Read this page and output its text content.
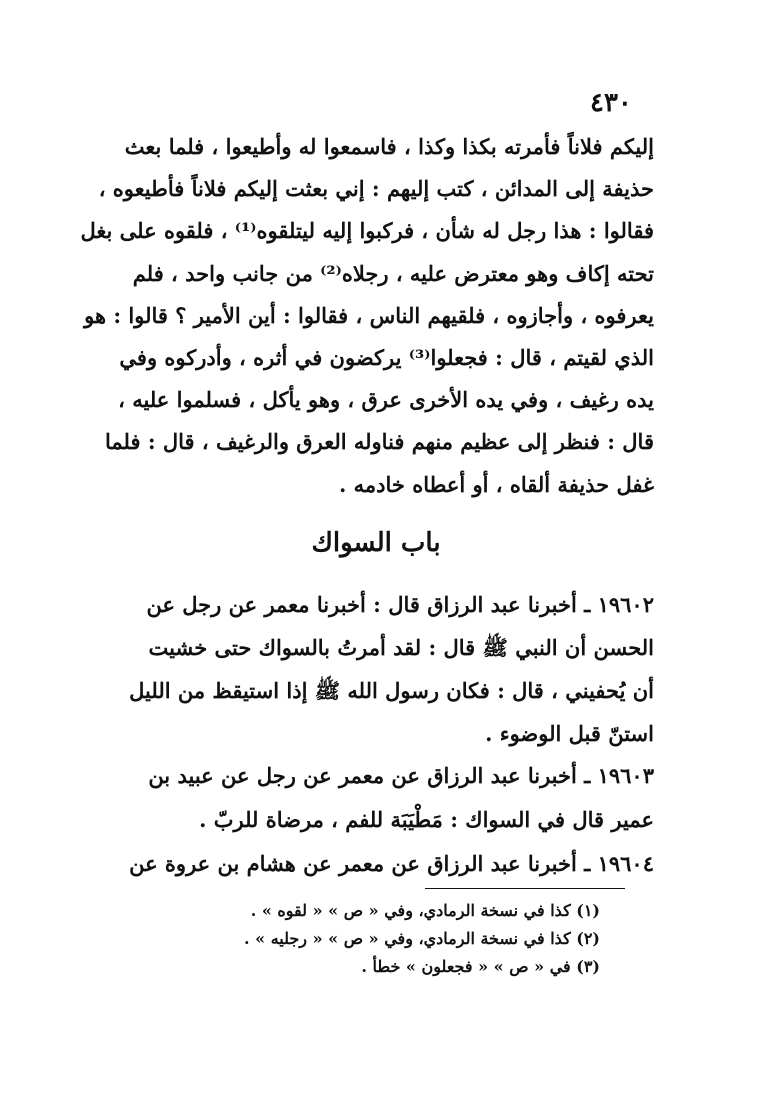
٤٣٠
إليكم فلاناً فأمرته بكذا وكذا ، فاسمعوا له وأطيعوا ، فلما بعث
حذيفة إلى المدائن ، كتب إليهم : إني بعثت إليكم فلاناً فأطيعوه ،
فقالوا : هذا رجل له شأن ، فركبوا إليه ليتلقوه⁽¹⁾ ، فلقوه على بغل
تحته إكاف وهو معترض عليه ، رجلاه⁽²⁾ من جانب واحد ، فلم
يعرفوه ، وأجازوه ، فلقيهم الناس ، فقالوا : أين الأمير ؟ قالوا : هو
الذي لقيتم ، قال : فجعلوا⁽³⁾ يركضون في أثره ، وأدركوه وفي
يده رغيف ، وفي يده الأخرى عرق ، وهو يأكل ، فسلموا عليه ،
قال : فنظر إلى عظيم منهم فناوله العرق والرغيف ، قال : فلما
غفل حذيفة ألقاه ، أو أعطاه خادمه .
باب السواك
١٩٦٠٢ ـ أخبرنا عبد الرزاق قال : أخبرنا معمر عن رجل عن
الحسن أن النبي ﷺ قال : لقد أمرتُ بالسواك حتى خشيت
أن يُحفيني ، قال : فكان رسول الله ﷺ إذا استيقظ من الليل
استنّ قبل الوضوء .
١٩٦٠٣ ـ أخبرنا عبد الرزاق عن معمر عن رجل عن عبيد بن
عمير قال في السواك : مَطْيَبَة للفم ، مرضاة للربّ .
١٩٦٠٤ ـ أخبرنا عبد الرزاق عن معمر عن هشام بن عروة عن
(١) كذا في نسخة الرمادي، وفي « ص » « لقوه » .
(٢) كذا في نسخة الرمادي، وفي « ص » « رجليه » .
(٣) في « ص » « فجعلون » خطأ .
